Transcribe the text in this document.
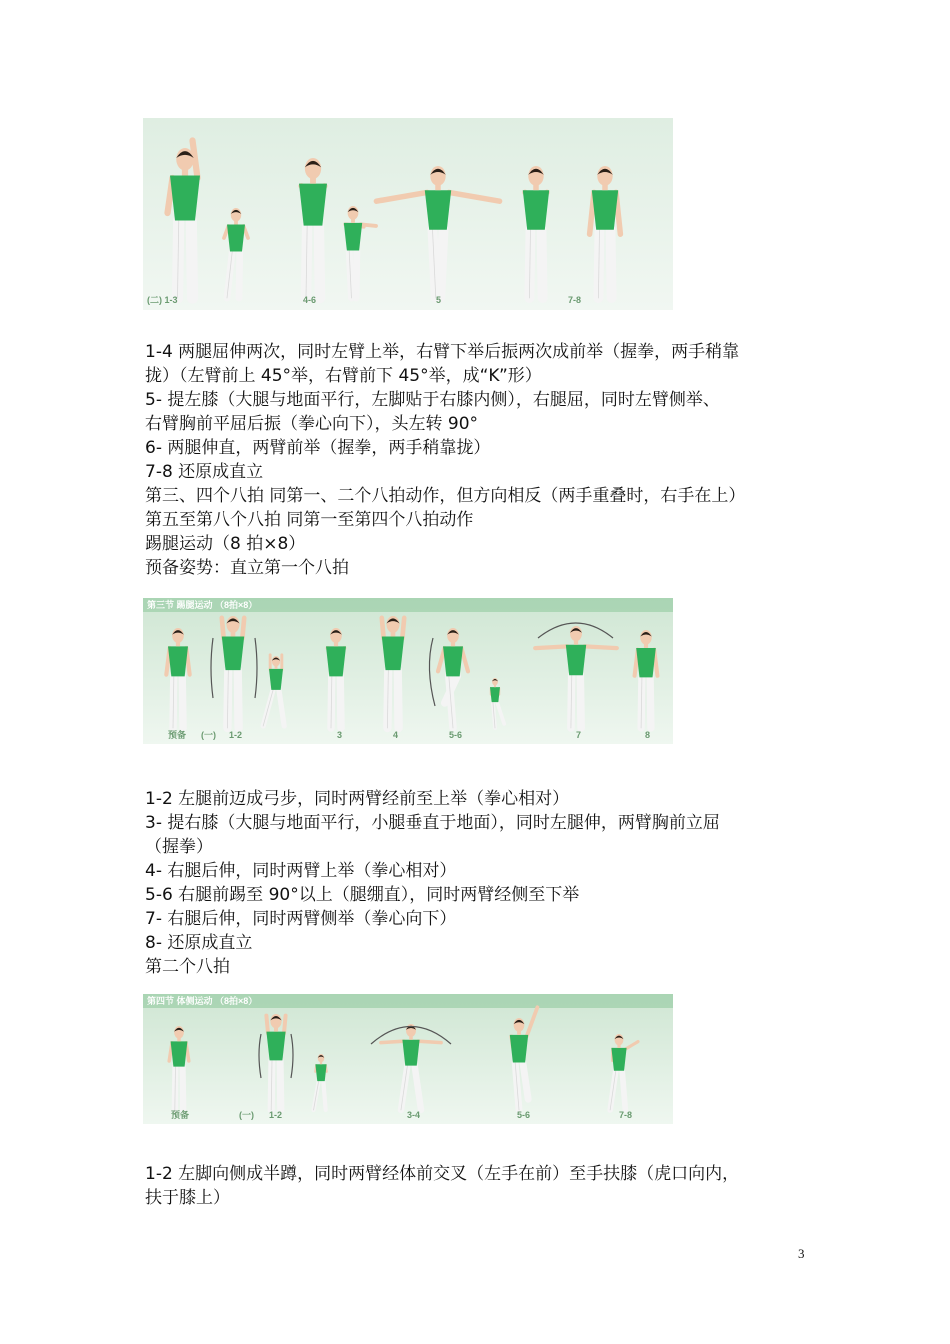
(二) 1-3	4-6	5	7-8

1-4 两腿屈伸两次，同时左臂上举，右臂下举后振两次成前举（握拳，两手稍靠

拢）（左臂前上 45°举，右臂前下 45°举，成“K”形）

5- 提左膝（大腿与地面平行，左脚贴于右膝内侧），右腿屈，同时左臂侧举、

右臂胸前平屈后振（拳心向下），头左转 90°

6- 两腿伸直，两臂前举（握拳，两手稍靠拢）

7-8 还原成直立

第三、四个八拍 同第一、二个八拍动作，但方向相反（两手重叠时，右手在上）

第五至第八个八拍 同第一至第四个八拍动作

踢腿运动（8 拍×8）

预备姿势：直立第一个八拍

第三节 踢腿运动 （8拍×8）
预备 (一) 1-2	3	4	5-6	7	8

1-2 左腿前迈成弓步，同时两臂经前至上举（拳心相对）

3- 提右膝（大腿与地面平行，小腿垂直于地面），同时左腿伸，两臂胸前立屈

（握拳）

4- 右腿后伸，同时两臂上举（拳心相对）

5-6 右腿前踢至 90°以上（腿绷直），同时两臂经侧至下举

7- 右腿后伸，同时两臂侧举（拳心向下）

8- 还原成直立

第二个八拍

第四节 体侧运动 （8拍×8）
预备	(一) 1-2	3-4	5-6	7-8

1-2 左脚向侧成半蹲，同时两臂经体前交叉（左手在前）至手扶膝（虎口向内，

扶于膝上）

3
